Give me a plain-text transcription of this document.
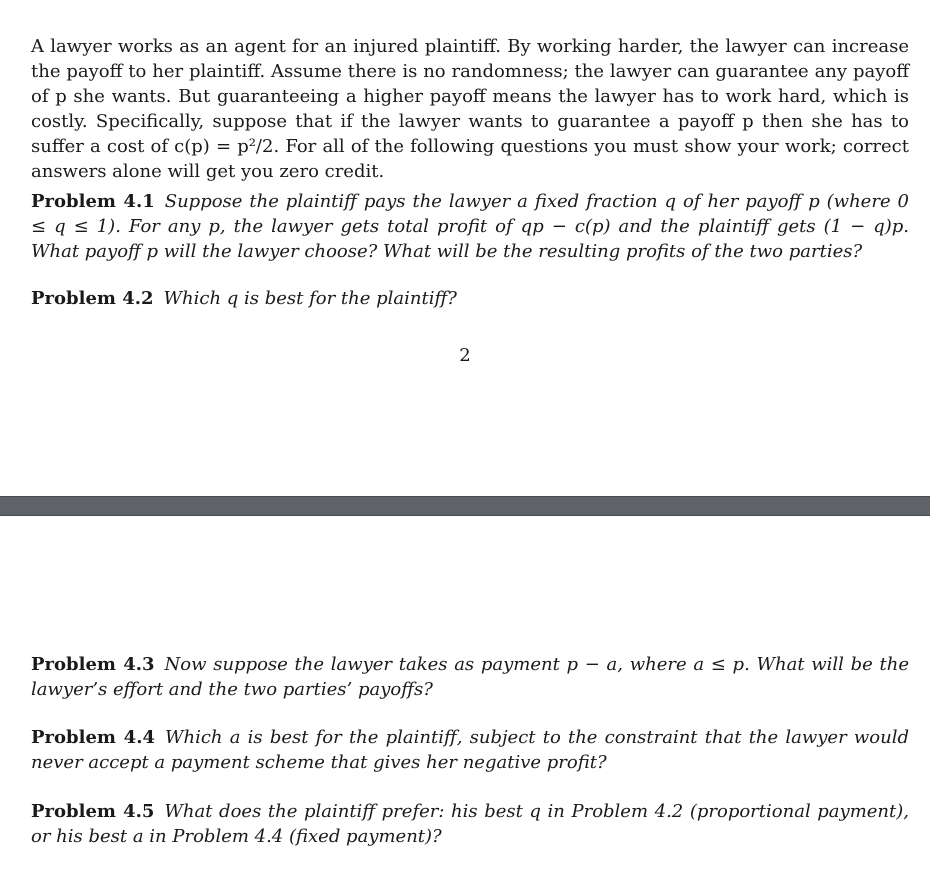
A lawyer works as an agent for an injured plaintiff. By working harder, the lawyer can increase the payoff to her plaintiff. Assume there is no randomness; the lawyer can guarantee any payoff of p she wants. But guaranteeing a higher payoff means the lawyer has to work hard, which is costly. Specifically, suppose that if the lawyer wants to guarantee a payoff p then she has to suffer a cost of c(p) = p²/2. For all of the following questions you must show your work; correct answers alone will get you zero credit.

Problem 4.1 Suppose the plaintiff pays the lawyer a fixed fraction q of her payoff p (where 0 ≤ q ≤ 1). For any p, the lawyer gets total profit of qp − c(p) and the plaintiff gets (1 − q)p. What payoff p will the lawyer choose? What will be the resulting profits of the two parties?

Problem 4.2 Which q is best for the plaintiff?

2

Problem 4.3 Now suppose the lawyer takes as payment p − a, where a ≤ p. What will be the lawyer’s effort and the two parties’ payoffs?

Problem 4.4 Which a is best for the plaintiff, subject to the constraint that the lawyer would never accept a payment scheme that gives her negative profit?

Problem 4.5 What does the plaintiff prefer: his best q in Problem 4.2 (proportional payment), or his best a in Problem 4.4 (fixed payment)?
